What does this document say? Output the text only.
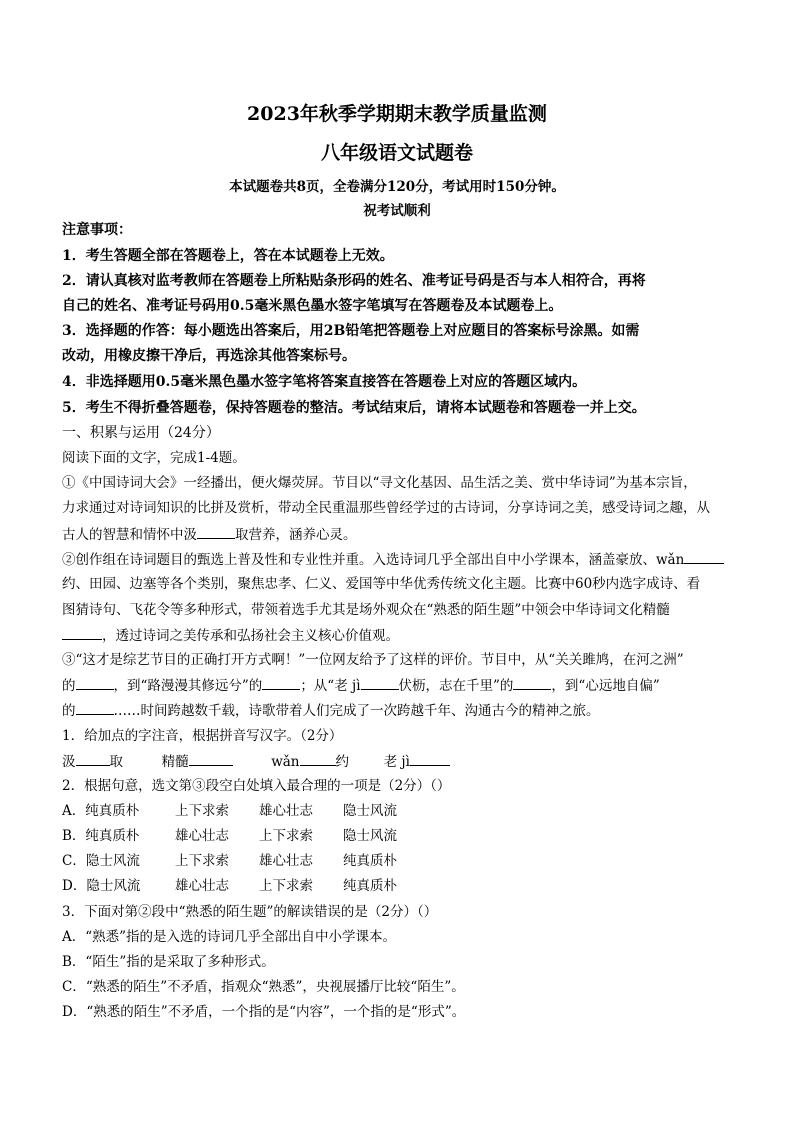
2023年秋季学期期末教学质量监测
八年级语文试题卷
本试题卷共8页，全卷满分120分，考试用时150分钟。
祝考试顺利
注意事项：
1．考生答题全部在答题卷上，答在本试题卷上无效。
2．请认真核对监考教师在答题卷上所粘贴条形码的姓名、准考证号码是否与本人相符合，再将
自己的姓名、准考证号码用0.5毫米黑色墨水签字笔填写在答题卷及本试题卷上。
3．选择题的作答：每小题选出答案后，用2B铅笔把答题卷上对应题目的答案标号涂黑。如需
改动，用橡皮擦干净后，再选涂其他答案标号。
4．非选择题用0.5毫米黑色墨水签字笔将答案直接答在答题卷上对应的答题区域内。
5．考生不得折叠答题卷，保持答题卷的整洁。考试结束后，请将本试题卷和答题卷一并上交。
一、积累与运用（24分）
阅读下面的文字，完成1-4题。
①《中国诗词大会》一经播出，便火爆荧屏。节目以“寻文化基因、品生活之美、赏中华诗词”为基本宗旨，
力求通过对诗词知识的比拼及赏析，带动全民重温那些曾经学过的古诗词，分享诗词之美，感受诗词之趣，从
古人的智慧和情怀中汲	取营养，涵养心灵。
②创作组在诗词题目的甄选上普及性和专业性并重。入选诗词几乎全部出自中小学课本，涵盖豪放、wǎn
约、田园、边塞等各个类别，聚焦忠孝、仁义、爱国等中华优秀传统文化主题。比赛中60秒内选字成诗、看
图猜诗句、飞花令等多种形式，带领着选手尤其是场外观众在“熟悉的陌生题”中领会中华诗词文化精髓
，透过诗词之美传承和弘扬社会主义核心价值观。
③“这才是综艺节目的正确打开方式啊！”一位网友给予了这样的评价。节目中，从“关关雎鸠，在河之洲”
的	，到“路漫漫其修远兮”的	；从“老 jì	伏枥，志在千里”的	，到“心远地自偏”
的	……时间跨越数千载，诗歌带着人们完成了一次跨越千年、沟通古今的精神之旅。
1．给加点的字注音，根据拼音写汉字。（2分）
汲	取	精髓	wǎn	约	老 jì
2．根据句意，选文第③段空白处填入最合理的一项是（2分）（）
A．纯真质朴	上下求索 雄心壮志 隐士风流
B．纯真质朴	雄心壮志 上下求索 隐士风流
C．隐士风流	上下求索 雄心壮志 纯真质朴
D．隐士风流	雄心壮志 上下求索 纯真质朴
3．下面对第②段中“熟悉的陌生题”的解读错误的是（2分）（）
A．“熟悉”指的是入选的诗词几乎全部出自中小学课本。
B．“陌生”指的是采取了多种形式。
C．“熟悉的陌生”不矛盾，指观众“熟悉”，央视展播厅比较“陌生”。
D．“熟悉的陌生”不矛盾，一个指的是“内容”，一个指的是“形式”。
